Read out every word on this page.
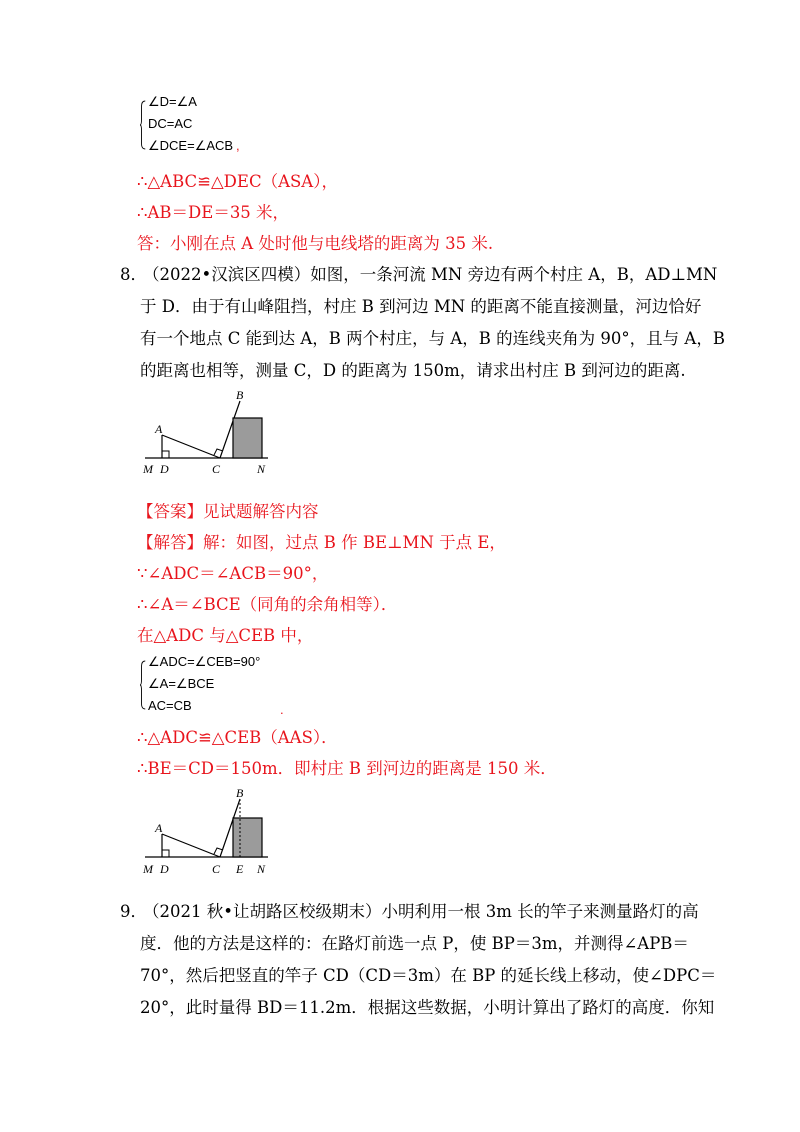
∠D=∠A
DC=AC
∠DCE=∠ACB ,
∴△ABC≌△DEC（ASA），
∴AB＝DE＝35 米，
答：小刚在点 A 处时他与电线塔的距离为 35 米.
8．
（2022•汉滨区四模）如图，一条河流 MN 旁边有两个村庄 A，B，AD⊥MN
于 D．由于有山峰阻挡，村庄 B 到河边 MN 的距离不能直接测量，河边恰好
有一个地点 C 能到达 A，B 两个村庄，与 A，B 的连线夹角为 90°，且与 A，B
的距离也相等，测量 C，D 的距离为 150m，请求出村庄 B 到河边的距离.
B
A
M D	C	N
【答案】见试题解答内容
【解答】解：如图，过点 B 作 BE⊥MN 于点 E，
∵∠ADC＝∠ACB＝90°，
∴∠A＝∠BCE（同角的余角相等）．
在△ADC 与△CEB 中，
∠ADC=∠CEB=90°
∠A=∠BCE
AC=CB	.
∴△ADC≌△CEB（AAS）．
∴BE＝CD＝150m．即村庄 B 到河边的距离是 150 米．
B
A
M D	C E N
9．
（2021 秋•让胡路区校级期末）小明利用一根 3m 长的竿子来测量路灯的高
度．他的方法是这样的：在路灯前选一点 P，使 BP＝3m，并测得∠APB＝
70°，然后把竖直的竿子 CD（CD＝3m）在 BP 的延长线上移动，使∠DPC＝
20°，此时量得 BD＝11.2m．根据这些数据，小明计算出了路灯的高度．你知
